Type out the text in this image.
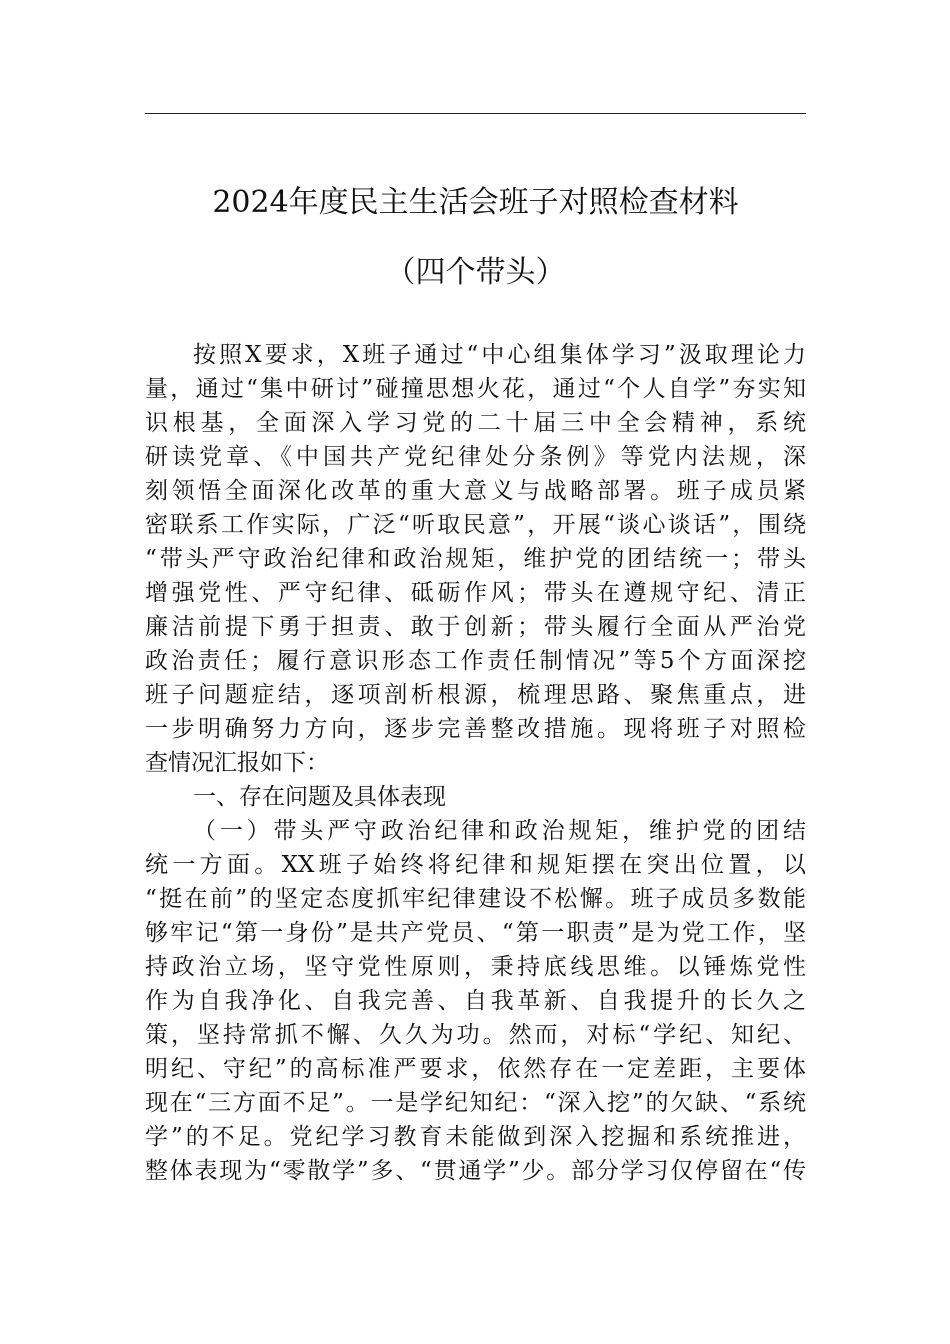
2024年度民主生活会班子对照检查材料
（四个带头）
按照X要求，X班子通过“中心组集体学习”汲取理论力
量，通过“集中研讨”碰撞思想火花，通过“个人自学”夯实知
识根基，全面深入学习党的二十届三中全会精神，系统
研读党章、《中国共产党纪律处分条例》等党内法规，深
刻领悟全面深化改革的重大意义与战略部署。班子成员紧
密联系工作实际，广泛“听取民意”，开展“谈心谈话”，围绕
“带头严守政治纪律和政治规矩，维护党的团结统一；带头
增强党性、严守纪律、砥砺作风；带头在遵规守纪、清正
廉洁前提下勇于担责、敢于创新；带头履行全面从严治党
政治责任；履行意识形态工作责任制情况”等5个方面深挖
班子问题症结，逐项剖析根源，梳理思路、聚焦重点，进
一步明确努力方向，逐步完善整改措施。现将班子对照检
查情况汇报如下：
一、存在问题及具体表现
（一）带头严守政治纪律和政治规矩，维护党的团结
统一方面。XX班子始终将纪律和规矩摆在突出位置，以
“挺在前”的坚定态度抓牢纪律建设不松懈。班子成员多数能
够牢记“第一身份”是共产党员、“第一职责”是为党工作，坚
持政治立场，坚守党性原则，秉持底线思维。以锤炼党性
作为自我净化、自我完善、自我革新、自我提升的长久之
策，坚持常抓不懈、久久为功。然而，对标“学纪、知纪、
明纪、守纪”的高标准严要求，依然存在一定差距，主要体
现在“三方面不足”。一是学纪知纪：“深入挖”的欠缺、“系统
学”的不足。党纪学习教育未能做到深入挖掘和系统推进，
整体表现为“零散学”多、“贯通学”少。部分学习仅停留在“传
